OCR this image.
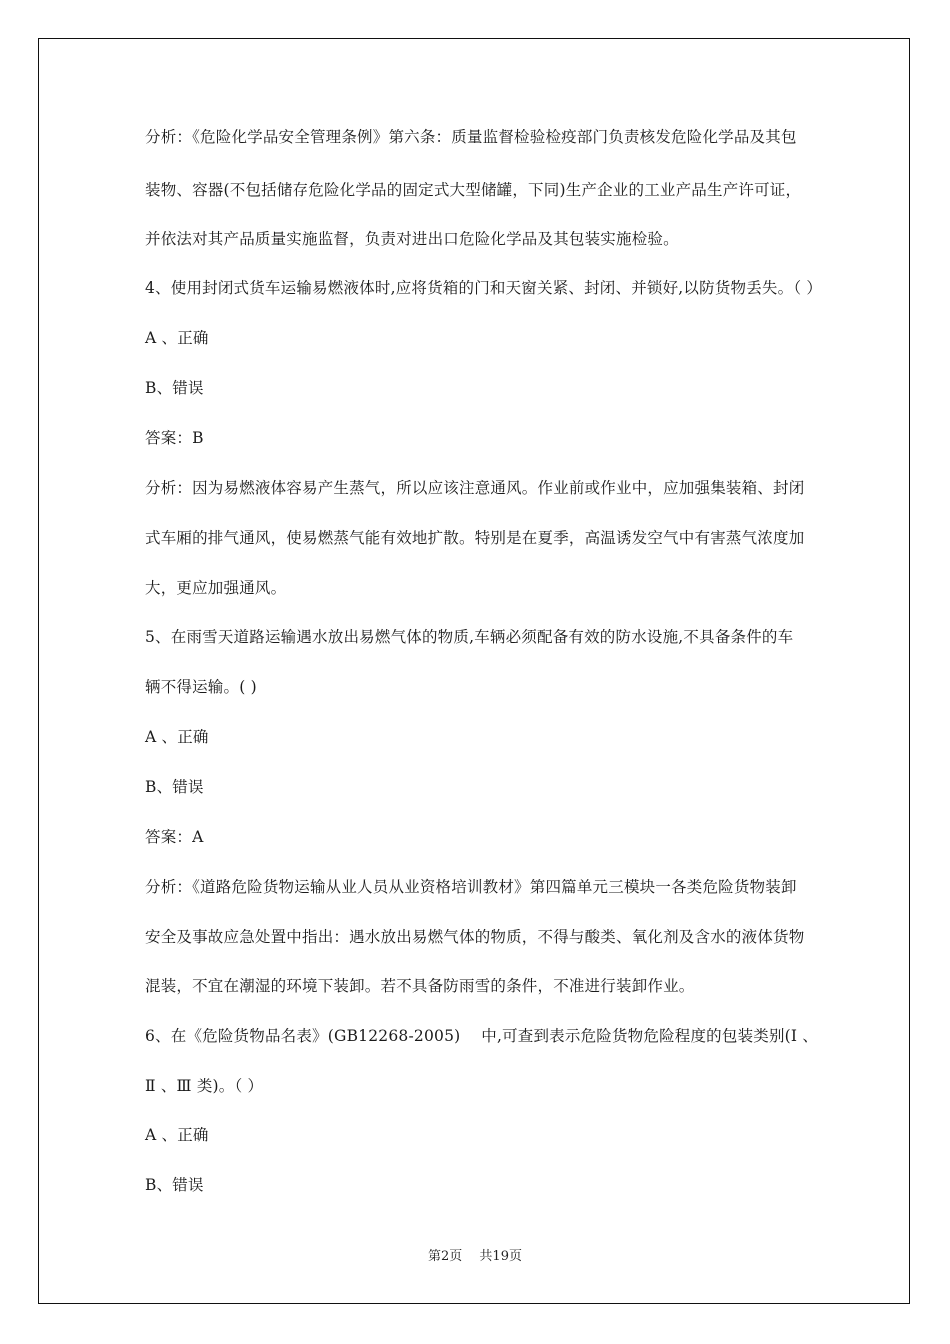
分析：《危险化学品安全管理条例》第六条：质量监督检验检疫部门负责核发危险化学品及其包
装物、容器(不包括储存危险化学品的固定式大型储罐，下同)生产企业的工业产品生产许可证，
并依法对其产品质量实施监督，负责对进出口危险化学品及其包装实施检验。
4、使用封闭式货车运输易燃液体时,应将货箱的门和天窗关紧、封闭、并锁好,以防货物丢失。（ ）
A 、正确
B、错误
答案：B
分析：因为易燃液体容易产生蒸气，所以应该注意通风。作业前或作业中，应加强集装箱、封闭
式车厢的排气通风，使易燃蒸气能有效地扩散。特别是在夏季，高温诱发空气中有害蒸气浓度加
大，更应加强通风。
5、在雨雪天道路运输遇水放出易燃气体的物质,车辆必须配备有效的防水设施,不具备条件的车
辆不得运输。( )
A 、正确
B、错误
答案：A
分析：《道路危险货物运输从业人员从业资格培训教材》第四篇单元三模块一各类危险货物装卸
安全及事故应急处置中指出：遇水放出易燃气体的物质，不得与酸类、氧化剂及含水的液体货物
混装，不宜在潮湿的环境下装卸。若不具备防雨雪的条件，不准进行装卸作业。
6、在《危险货物品名表》(GB12268-2005)　 中,可查到表示危险货物危险程度的包装类别(I 、
Ⅱ 、Ⅲ 类)。（ ）
A 、正确
B、错误
第2页　 共19页
